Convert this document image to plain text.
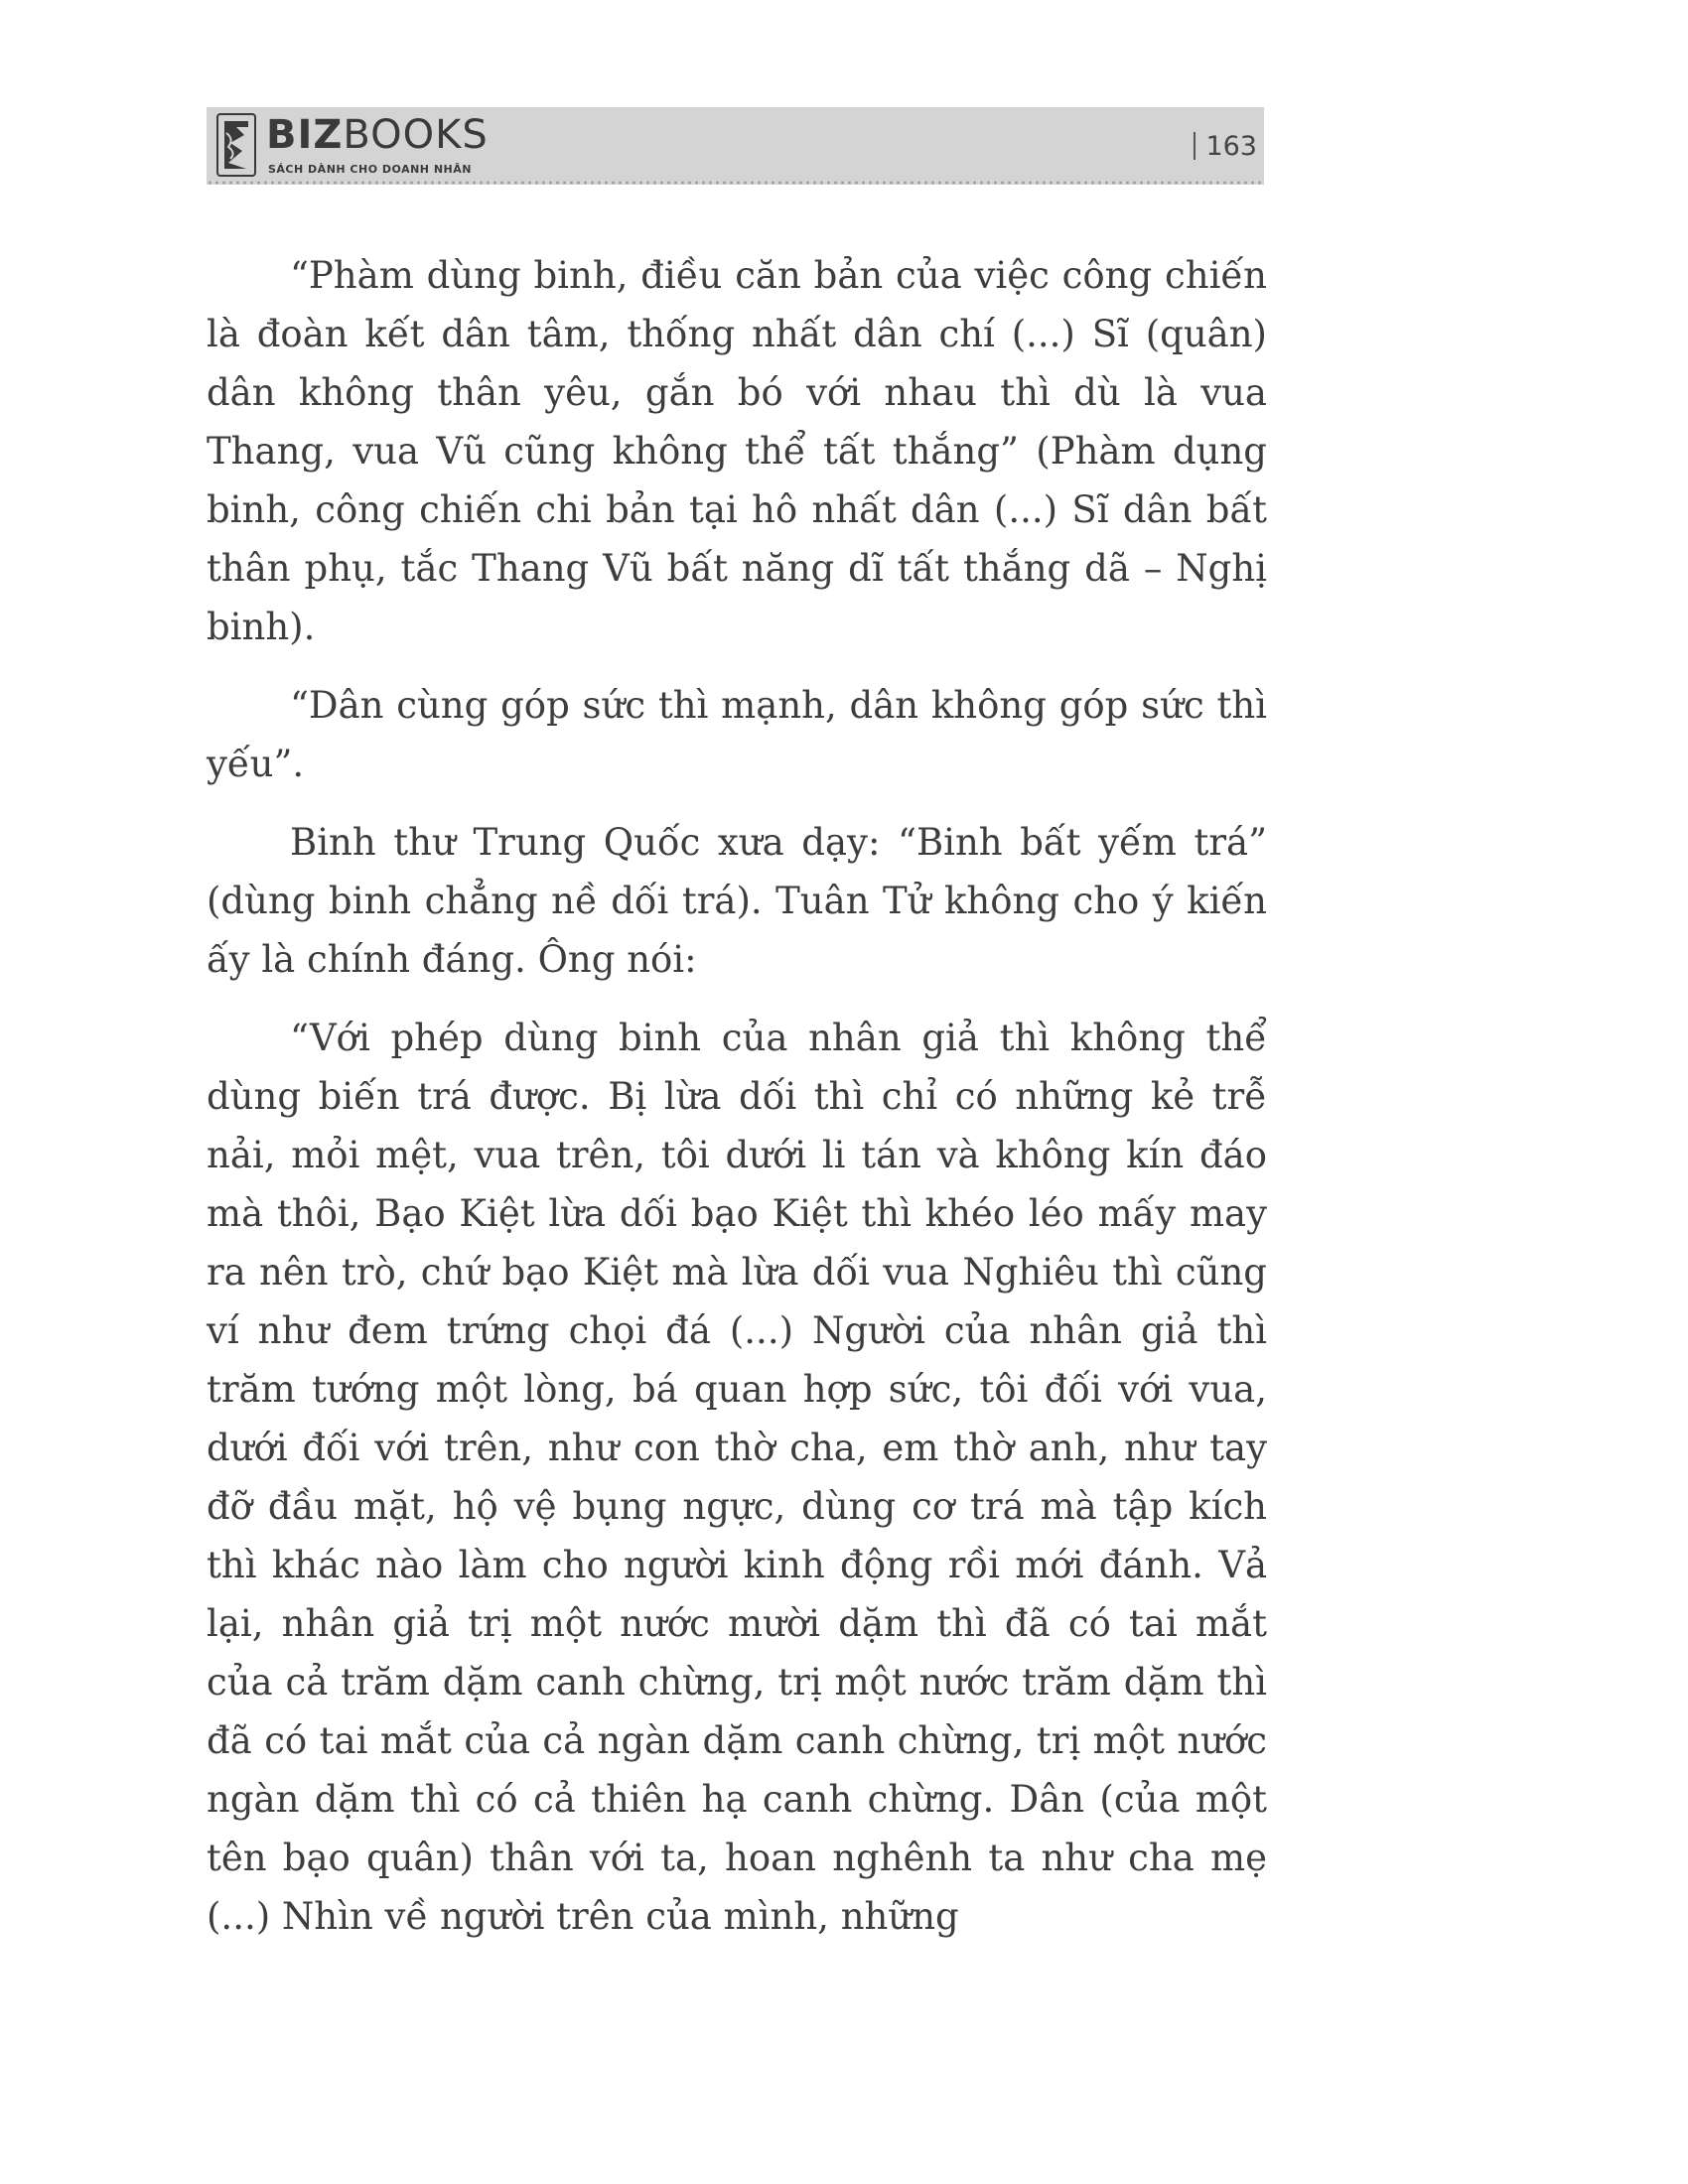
BIZBOOKS
SÁCH DÀNH CHO DOANH NHÂN
163

“Phàm dùng binh, điều căn bản của việc công chiến là đoàn kết dân tâm, thống nhất dân chí (...) Sĩ (quân) dân không thân yêu, gắn bó với nhau thì dù là vua Thang, vua Vũ cũng không thể tất thắng” (Phàm dụng binh, công chiến chi bản tại hô nhất dân (...) Sĩ dân bất thân phụ, tắc Thang Vũ bất năng dĩ tất thắng dã – Nghị binh).

“Dân cùng góp sức thì mạnh, dân không góp sức thì yếu”.

Binh thư Trung Quốc xưa dạy: “Binh bất yếm trá” (dùng binh chẳng nề dối trá). Tuân Tử không cho ý kiến ấy là chính đáng. Ông nói:

“Với phép dùng binh của nhân giả thì không thể dùng biến trá được. Bị lừa dối thì chỉ có những kẻ trễ nải, mỏi mệt, vua trên, tôi dưới li tán và không kín đáo mà thôi, Bạo Kiệt lừa dối bạo Kiệt thì khéo léo mấy may ra nên trò, chứ bạo Kiệt mà lừa dối vua Nghiêu thì cũng ví như đem trứng chọi đá (...) Người của nhân giả thì trăm tướng một lòng, bá quan hợp sức, tôi đối với vua, dưới đối với trên, như con thờ cha, em thờ anh, như tay đỡ đầu mặt, hộ vệ bụng ngực, dùng cơ trá mà tập kích thì khác nào làm cho người kinh động rồi mới đánh. Vả lại, nhân giả trị một nước mười dặm thì đã có tai mắt của cả trăm dặm canh chừng, trị một nước trăm dặm thì đã có tai mắt của cả ngàn dặm canh chừng, trị một nước ngàn dặm thì có cả thiên hạ canh chừng. Dân (của một tên bạo quân) thân với ta, hoan nghênh ta như cha mẹ (...) Nhìn về người trên của mình, những
